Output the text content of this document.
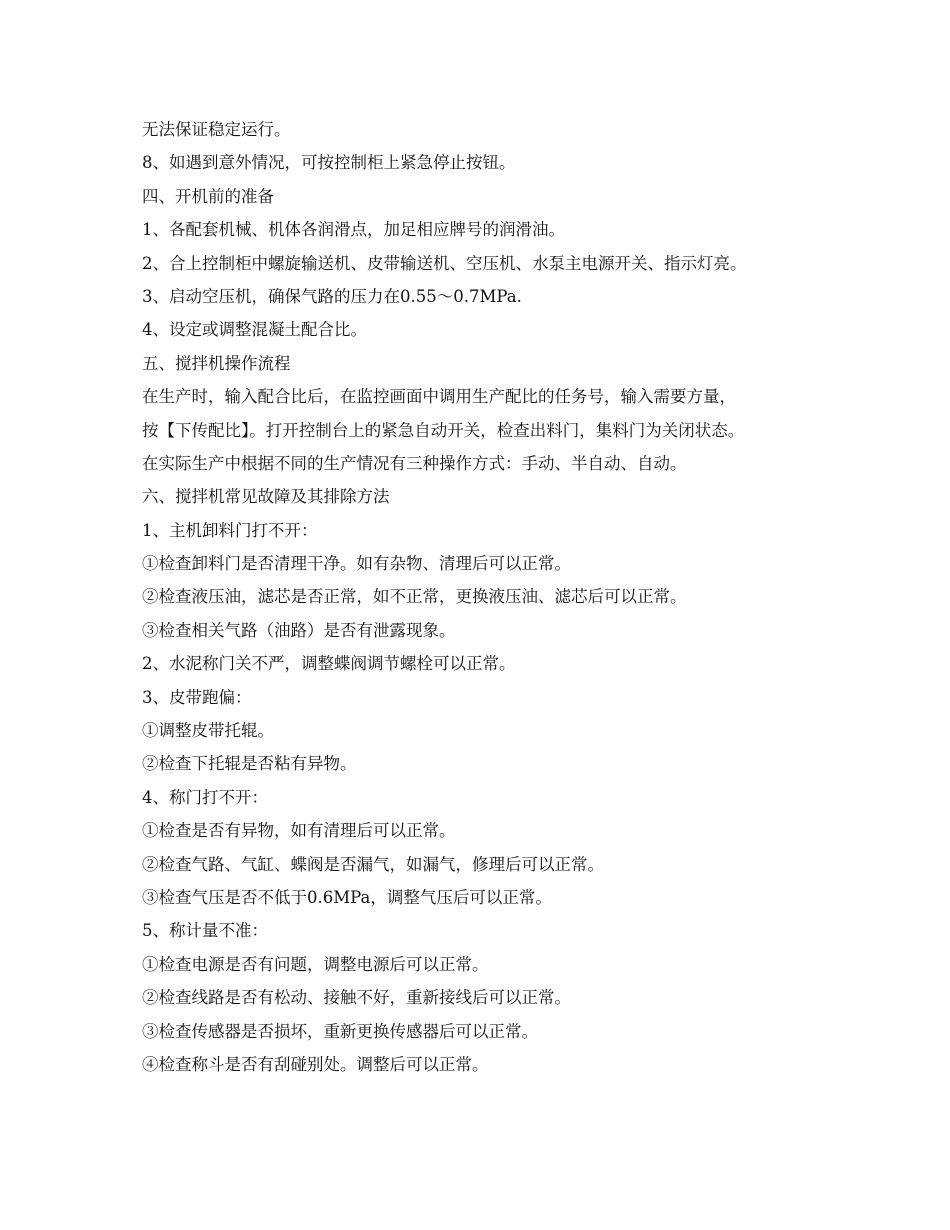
无法保证稳定运行。
8、如遇到意外情况，可按控制柜上紧急停止按钮。
四、开机前的准备
1、各配套机械、机体各润滑点，加足相应牌号的润滑油。
2、合上控制柜中螺旋输送机、皮带输送机、空压机、水泵主电源开关、指示灯亮。
3、启动空压机，确保气路的压力在0.55～0.7MPa.
4、设定或调整混凝土配合比。
五、搅拌机操作流程
在生产时，输入配合比后，在监控画面中调用生产配比的任务号，输入需要方量，
按【下传配比】。打开控制台上的紧急自动开关，检查出料门，集料门为关闭状态。
在实际生产中根据不同的生产情况有三种操作方式：手动、半自动、自动。
六、搅拌机常见故障及其排除方法
1、主机卸料门打不开：
①检查卸料门是否清理干净。如有杂物、清理后可以正常。
②检查液压油，滤芯是否正常，如不正常，更换液压油、滤芯后可以正常。
③检查相关气路（油路）是否有泄露现象。
2、水泥称门关不严，调整蝶阀调节螺栓可以正常。
3、皮带跑偏：
①调整皮带托辊。
②检查下托辊是否粘有异物。
4、称门打不开：
①检查是否有异物，如有清理后可以正常。
②检查气路、气缸、蝶阀是否漏气，如漏气，修理后可以正常。
③检查气压是否不低于0.6MPa，调整气压后可以正常。
5、称计量不准：
①检查电源是否有问题，调整电源后可以正常。
②检查线路是否有松动、接触不好，重新接线后可以正常。
③检查传感器是否损坏，重新更换传感器后可以正常。
④检查称斗是否有刮碰别处。调整后可以正常。
